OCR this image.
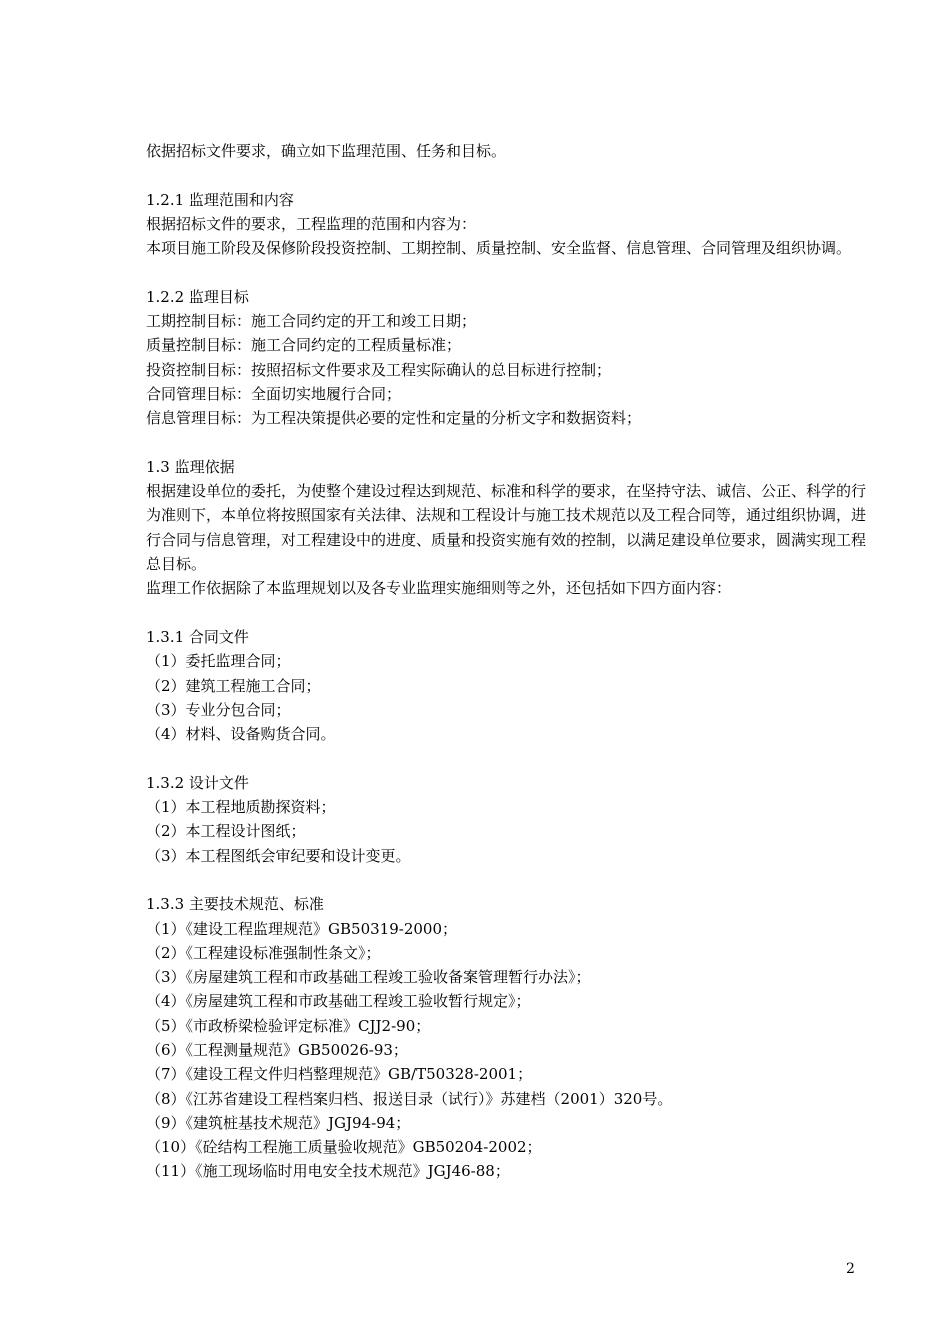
依据招标文件要求，确立如下监理范围、任务和目标。
1.2.1 监理范围和内容
根据招标文件的要求，工程监理的范围和内容为：
本项目施工阶段及保修阶段投资控制、工期控制、质量控制、安全监督、信息管理、合同管理及组织协调。
1.2.2 监理目标
工期控制目标：施工合同约定的开工和竣工日期；
质量控制目标：施工合同约定的工程质量标准；
投资控制目标：按照招标文件要求及工程实际确认的总目标进行控制；
合同管理目标：全面切实地履行合同；
信息管理目标：为工程决策提供必要的定性和定量的分析文字和数据资料；
1.3 监理依据
根据建设单位的委托，为使整个建设过程达到规范、标准和科学的要求，在坚持守法、诚信、公正、科学的行为准则下，本单位将按照国家有关法律、法规和工程设计与施工技术规范以及工程合同等，通过组织协调，进行合同与信息管理，对工程建设中的进度、质量和投资实施有效的控制，以满足建设单位要求，圆满实现工程总目标。
监理工作依据除了本监理规划以及各专业监理实施细则等之外，还包括如下四方面内容：
1.3.1 合同文件
（1）委托监理合同；
（2）建筑工程施工合同；
（3）专业分包合同；
（4）材料、设备购货合同。
1.3.2 设计文件
（1）本工程地质勘探资料；
（2）本工程设计图纸；
（3）本工程图纸会审纪要和设计变更。
1.3.3 主要技术规范、标准
（1）《建设工程监理规范》GB50319-2000；
（2）《工程建设标准强制性条文》；
（3）《房屋建筑工程和市政基础工程竣工验收备案管理暂行办法》；
（4）《房屋建筑工程和市政基础工程竣工验收暂行规定》；
（5）《市政桥梁检验评定标准》CJJ2-90；
（6）《工程测量规范》GB50026-93；
（7）《建设工程文件归档整理规范》GB/T50328-2001；
（8）《江苏省建设工程档案归档、报送目录（试行）》苏建档（2001）320号。
（9）《建筑桩基技术规范》JGJ94-94；
（10）《砼结构工程施工质量验收规范》GB50204-2002；
（11）《施工现场临时用电安全技术规范》JGJ46-88；
2
